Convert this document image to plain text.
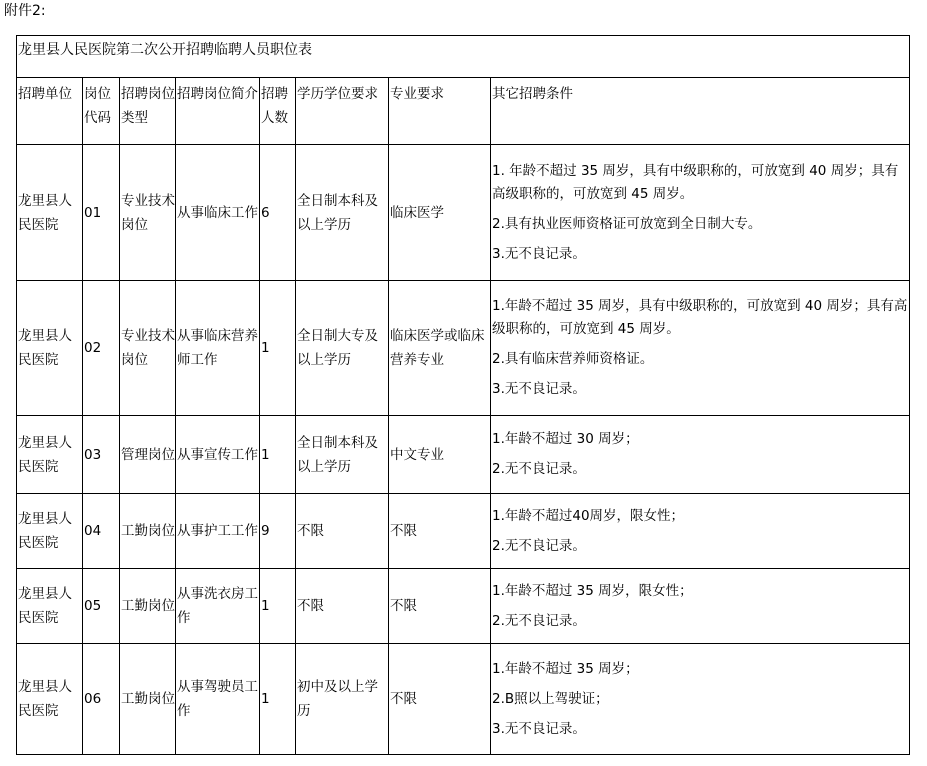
附件2:
龙里县人民医院第二次公开招聘临聘人员职位表							
招聘单位	岗位代码	招聘岗位类型	招聘岗位简介	招聘人数	学历学位要求	专业要求	其它招聘条件
龙里县人民医院	01	专业技术岗位	从事临床工作	6	全日制本科及以上学历	临床医学	1. 年龄不超过 35 周岁，具有中级职称的，可放宽到 40 周岁；具有高级职称的，可放宽到 45 周岁。
2.具有执业医师资格证可放宽到全日制大专。
3.无不良记录。

龙里县人民医院	02	专业技术岗位	从事临床营养师工作	1	全日制大专及以上学历	临床医学或临床营养专业	1.年龄不超过 35 周岁，具有中级职称的，可放宽到 40 周岁；具有高级职称的，可放宽到 45 周岁。
2.具有临床营养师资格证。
3.无不良记录。

龙里县人民医院	03	管理岗位	从事宣传工作	1	全日制本科及以上学历	中文专业	1.年龄不超过 30 周岁；
2.无不良记录。

龙里县人民医院	04	工勤岗位	从事护工工作	9	不限	不限	1.年龄不超过40周岁，限女性；
2.无不良记录。

龙里县人民医院	05	工勤岗位	从事洗衣房工作	1	不限	不限	1.年龄不超过 35 周岁，限女性；
2.无不良记录。

龙里县人民医院	06	工勤岗位	从事驾驶员工作	1	初中及以上学历	不限	1.年龄不超过 35 周岁；
2.B照以上驾驶证；
3.无不良记录。
